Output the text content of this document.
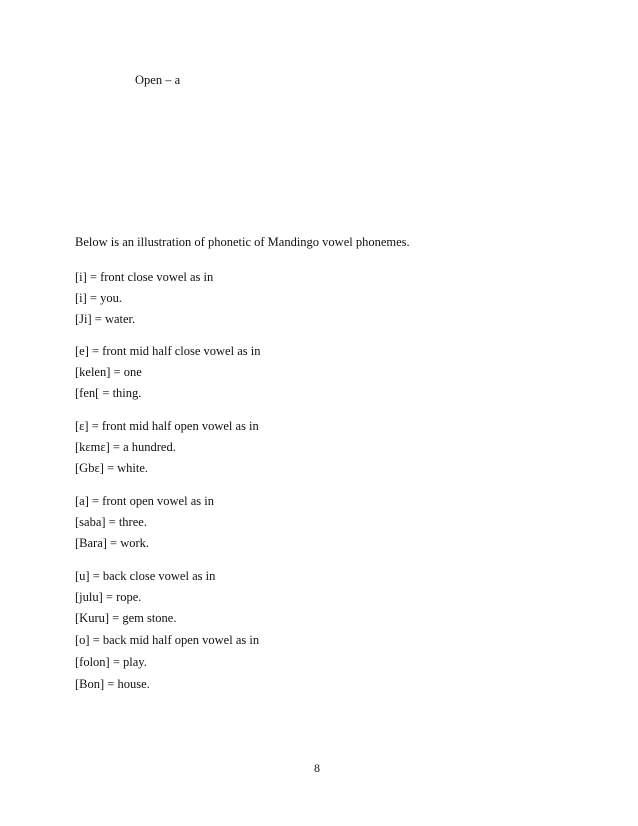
Open – a
Below is an illustration of phonetic of Mandingo vowel phonemes.
[i] = front close vowel as in
[i] = you.
[Ji] = water.
[e] = front mid half close vowel as in
[kelen] = one
[fen[ = thing.
[ɛ] = front mid half open vowel as in
[kɛmɛ] = a hundred.
[Gbɛ] = white.
[a] = front open vowel as in
[saba] = three.
[Bara] = work.
[u] = back close vowel as in
[julu] = rope.
[Kuru] = gem stone.
[o] = back mid half open vowel as in
[folon] = play.
[Bon] = house.
8
